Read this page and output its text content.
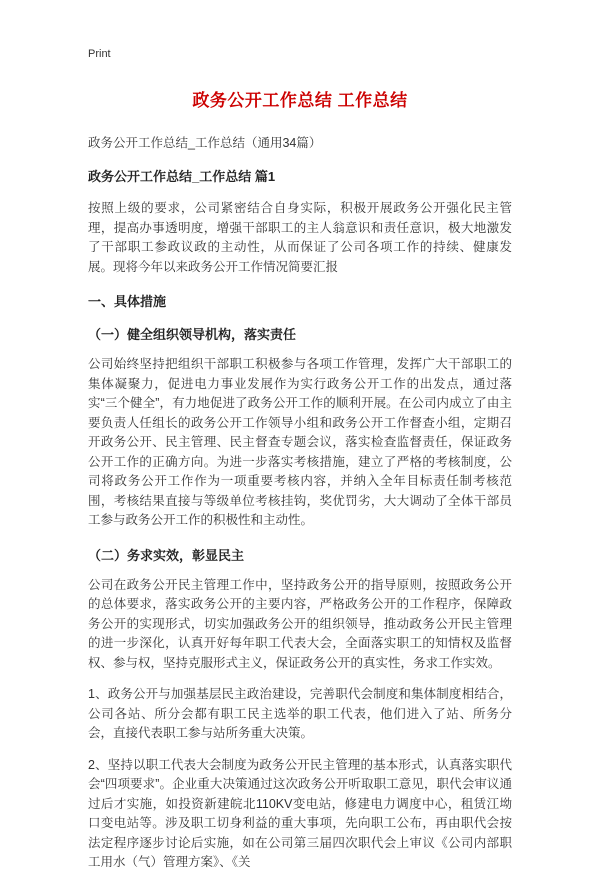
Print
政务公开工作总结 工作总结

政务公开工作总结_工作总结（通用34篇）

政务公开工作总结_工作总结 篇1

按照上级的要求，公司紧密结合自身实际，积极开展政务公开强化民主管理，提高办事透明度，增强干部职工的主人翁意识和责任意识，极大地激发了干部职工参政议政的主动性，从而保证了公司各项工作的持续、健康发展。现将今年以来政务公开工作情况简要汇报

一、具体措施
（一）健全组织领导机构，落实责任

公司始终坚持把组织干部职工积极参与各项工作管理，发挥广大干部职工的集体凝聚力，促进电力事业发展作为实行政务公开工作的出发点，通过落实“三个健全”，有力地促进了政务公开工作的顺利开展。在公司内成立了由主要负责人任组长的政务公开工作领导小组和政务公开工作督查小组，定期召开政务公开、民主管理、民主督查专题会议，落实检查监督责任，保证政务公开工作的正确方向。为进一步落实考核措施，建立了严格的考核制度，公司将政务公开工作作为一项重要考核内容，并纳入全年目标责任制考核范围，考核结果直接与等级单位考核挂钩，奖优罚劣，大大调动了全体干部员工参与政务公开工作的积极性和主动性。

（二）务求实效，彰显民主

公司在政务公开民主管理工作中，坚持政务公开的指导原则，按照政务公开的总体要求，落实政务公开的主要内容，严格政务公开的工作程序，保障政务公开的实现形式，切实加强政务公开的组织领导，推动政务公开民主管理的进一步深化，认真开好每年职工代表大会，全面落实职工的知情权及监督权、参与权，坚持克服形式主义，保证政务公开的真实性，务求工作实效。

1、政务公开与加强基层民主政治建设，完善职代会制度和集体制度相结合，公司各站、所分会都有职工民主选举的职工代表，他们进入了站、所务分会，直接代表职工参与站所务重大决策。

2、坚持以职工代表大会制度为政务公开民主管理的基本形式，认真落实职代会“四项要求”。企业重大决策通过这次政务公开听取职工意见，职代会审议通过后才实施，如投资新建皖北110KV变电站，修建电力调度中心，租赁江坳口变电站等。涉及职工切身利益的重大事项，先向职工公布，再由职代会按法定程序逐步讨论后实施，如在公司第三届四次职代会上审议《公司内部职工用水（气）管理方案》、《关
